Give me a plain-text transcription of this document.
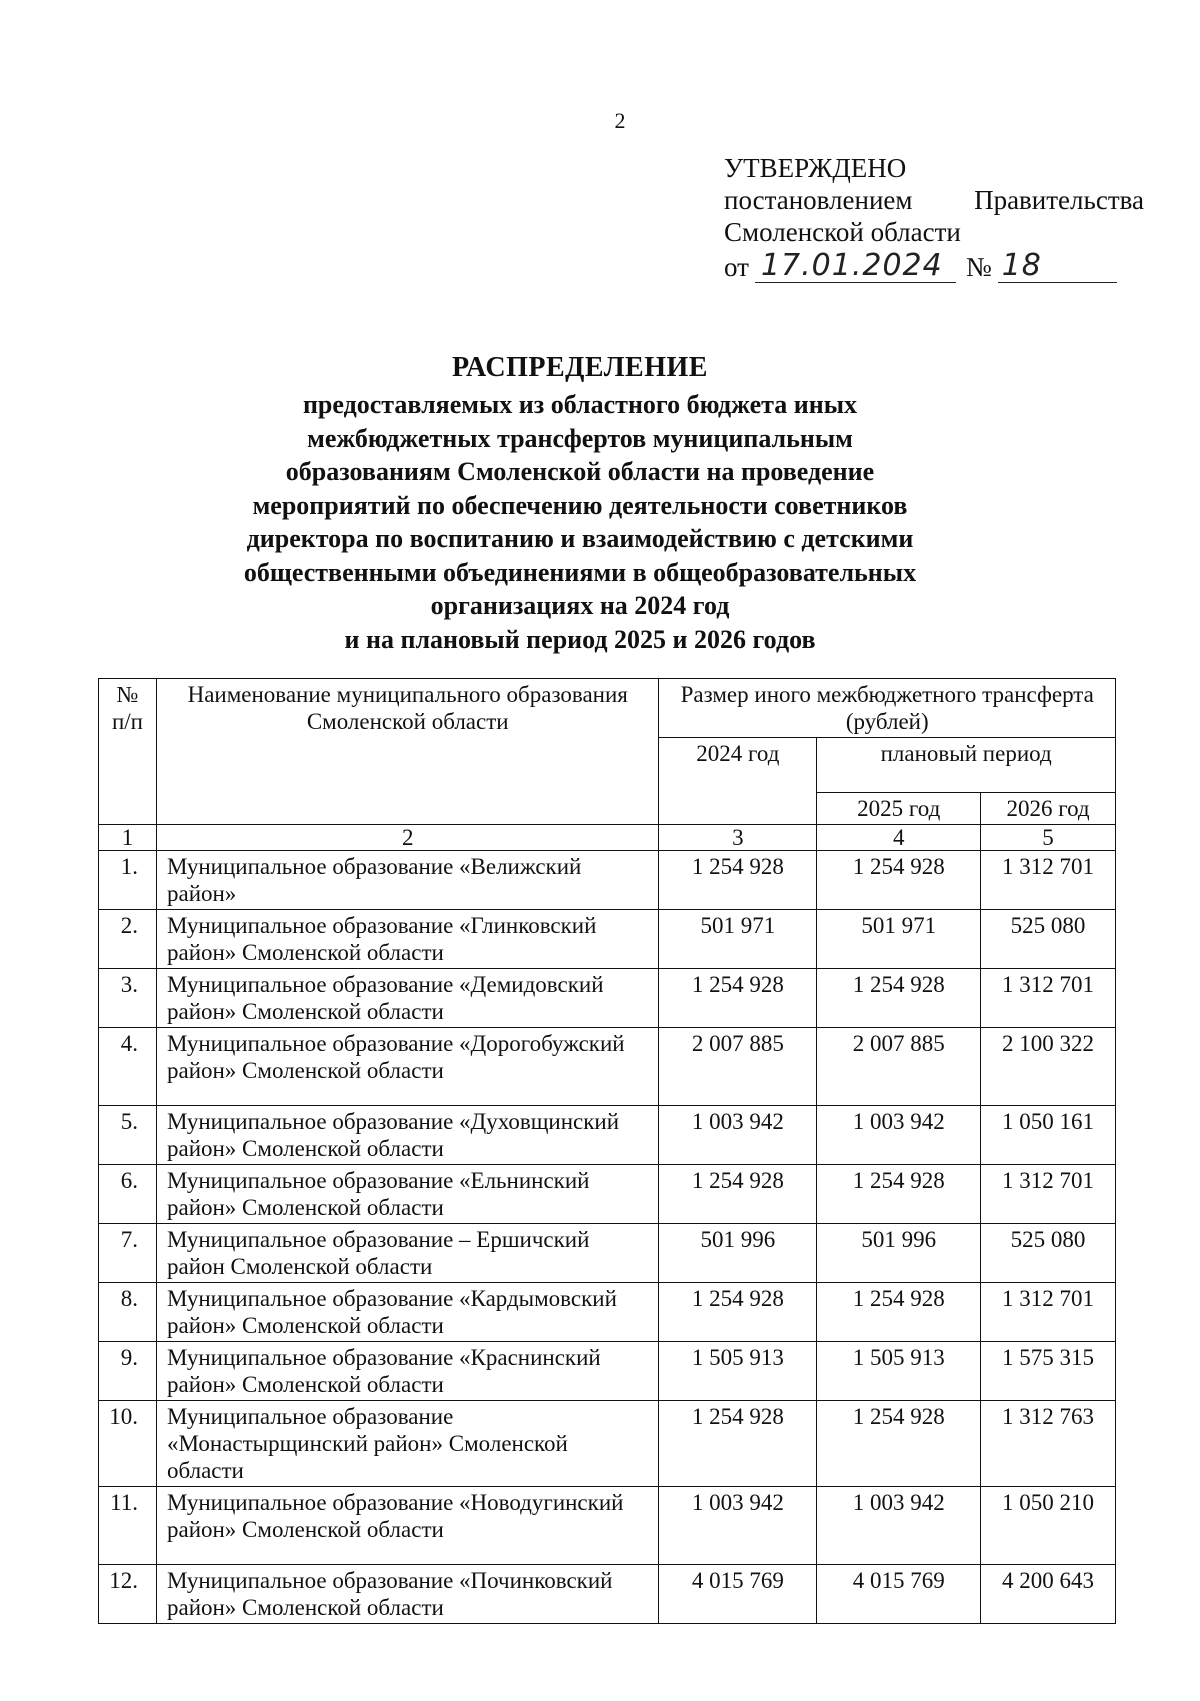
2
УТВЕРЖДЕНО
постановлением Правительства
Смоленской области
от 17.01.2024 № 18
РАСПРЕДЕЛЕНИЕ
предоставляемых из областного бюджета иных
межбюджетных трансфертов муниципальным
образованиям Смоленской области на проведение
мероприятий по обеспечению деятельности советников
директора по воспитанию и взаимодействию с детскими
общественными объединениями в общеобразовательных
организациях на 2024 год
и на плановый период 2025 и 2026 годов
№ п/п	Наименование муниципального образования Смоленской области	Размер иного межбюджетного трансферта (рублей)		
		2024 год	плановый период	
			2025 год	2026 год
1	2	3	4	5
1.	Муниципальное образование «Велижский район»	1 254 928	1 254 928	1 312 701
2.	Муниципальное образование «Глинковский район» Смоленской области	501 971	501 971	525 080
3.	Муниципальное образование «Демидовский район» Смоленской области	1 254 928	1 254 928	1 312 701
4.	Муниципальное образование «Дорогобужский район» Смоленской области	2 007 885	2 007 885	2 100 322
5.	Муниципальное образование «Духовщинский район» Смоленской области	1 003 942	1 003 942	1 050 161
6.	Муниципальное образование «Ельнинский район» Смоленской области	1 254 928	1 254 928	1 312 701
7.	Муниципальное образование – Ершичский район Смоленской области	501 996	501 996	525 080
8.	Муниципальное образование «Кардымовский район» Смоленской области	1 254 928	1 254 928	1 312 701
9.	Муниципальное образование «Краснинский район» Смоленской области	1 505 913	1 505 913	1 575 315
10.	Муниципальное образование «Монастырщинский район» Смоленской области	1 254 928	1 254 928	1 312 763
11.	Муниципальное образование «Новодугинский район» Смоленской области	1 003 942	1 003 942	1 050 210
12.	Муниципальное образование «Починковский район» Смоленской области	4 015 769	4 015 769	4 200 643
